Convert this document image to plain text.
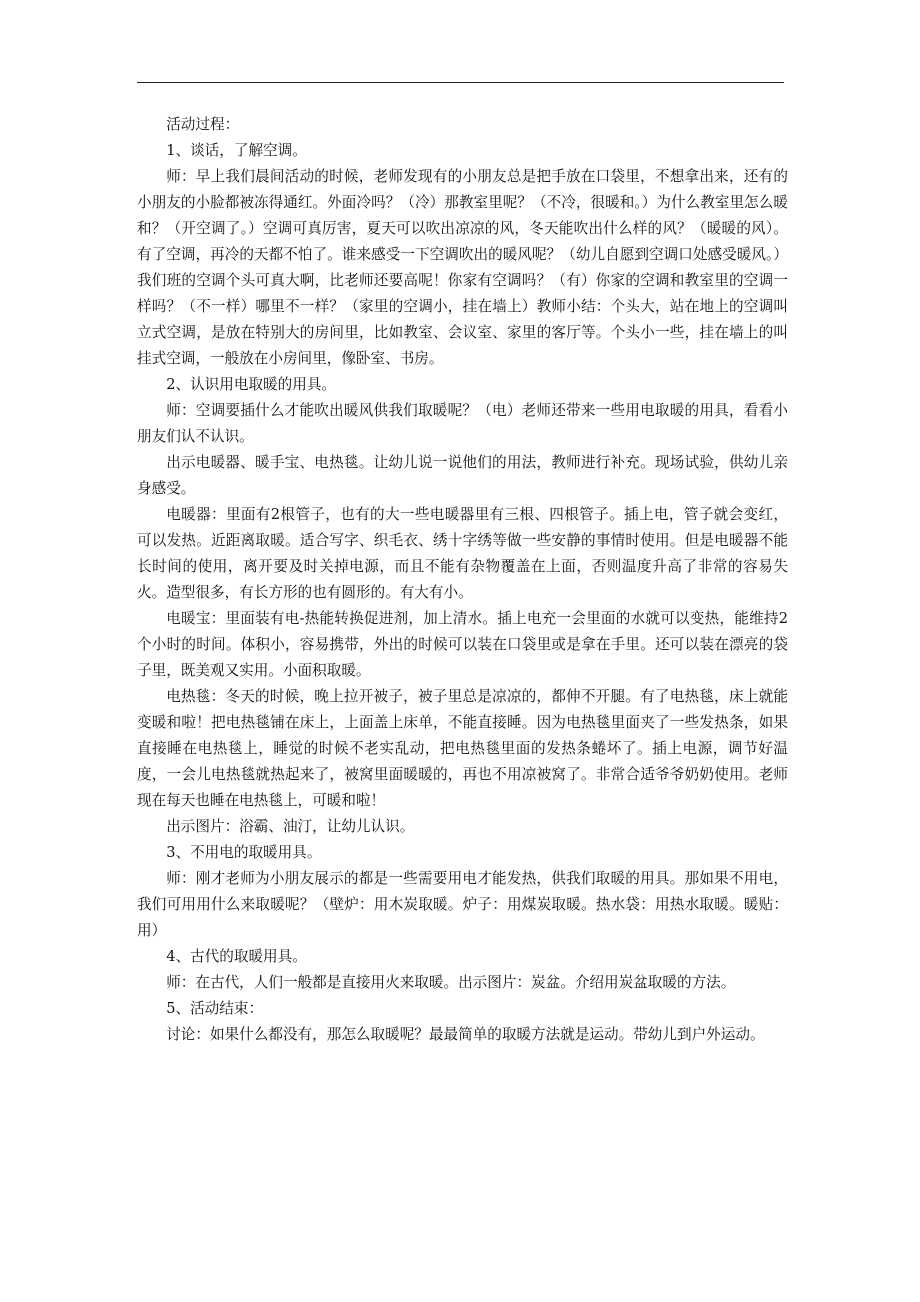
活动过程：

1、谈话，了解空调。

师：早上我们晨间活动的时候，老师发现有的小朋友总是把手放在口袋里，不想拿出来，还有的小朋友的小脸都被冻得通红。外面冷吗？（冷）那教室里呢？（不冷，很暖和。）为什么教室里怎么暖和？（开空调了。）空调可真厉害，夏天可以吹出凉凉的风，冬天能吹出什么样的风？（暖暖的风）。有了空调，再冷的天都不怕了。谁来感受一下空调吹出的暖风呢？（幼儿自愿到空调口处感受暖风。）我们班的空调个头可真大啊，比老师还要高呢！你家有空调吗？（有）你家的空调和教室里的空调一样吗？（不一样）哪里不一样？（家里的空调小，挂在墙上）教师小结：个头大，站在地上的空调叫立式空调，是放在特别大的房间里，比如教室、会议室、家里的客厅等。个头小一些，挂在墙上的叫挂式空调，一般放在小房间里，像卧室、书房。

2、认识用电取暖的用具。

师：空调要插什么才能吹出暖风供我们取暖呢？（电）老师还带来一些用电取暖的用具，看看小朋友们认不认识。

出示电暖器、暖手宝、电热毯。让幼儿说一说他们的用法，教师进行补充。现场试验，供幼儿亲身感受。

电暖器：里面有2根管子，也有的大一些电暖器里有三根、四根管子。插上电，管子就会变红，可以发热。近距离取暖。适合写字、织毛衣、绣十字绣等做一些安静的事情时使用。但是电暖器不能长时间的使用，离开要及时关掉电源，而且不能有杂物覆盖在上面，否则温度升高了非常的容易失火。造型很多，有长方形的也有圆形的。有大有小。

电暖宝：里面装有电-热能转换促进剂，加上清水。插上电充一会里面的水就可以变热，能维持2个小时的时间。体积小，容易携带，外出的时候可以装在口袋里或是拿在手里。还可以装在漂亮的袋子里，既美观又实用。小面积取暖。

电热毯：冬天的时候，晚上拉开被子，被子里总是凉凉的，都伸不开腿。有了电热毯，床上就能变暖和啦！把电热毯铺在床上，上面盖上床单，不能直接睡。因为电热毯里面夹了一些发热条，如果直接睡在电热毯上，睡觉的时候不老实乱动，把电热毯里面的发热条蜷坏了。插上电源，调节好温度，一会儿电热毯就热起来了，被窝里面暖暖的，再也不用凉被窝了。非常合适爷爷奶奶使用。老师现在每天也睡在电热毯上，可暖和啦！

出示图片：浴霸、油汀，让幼儿认识。

3、不用电的取暖用具。

师：刚才老师为小朋友展示的都是一些需要用电才能发热，供我们取暖的用具。那如果不用电，我们可用用什么来取暖呢？（壁炉：用木炭取暖。炉子：用煤炭取暖。热水袋：用热水取暖。暖贴：用）

4、古代的取暖用具。

师：在古代，人们一般都是直接用火来取暖。出示图片：炭盆。介绍用炭盆取暖的方法。

5、活动结束：

讨论：如果什么都没有，那怎么取暖呢？最最简单的取暖方法就是运动。带幼儿到户外运动。
